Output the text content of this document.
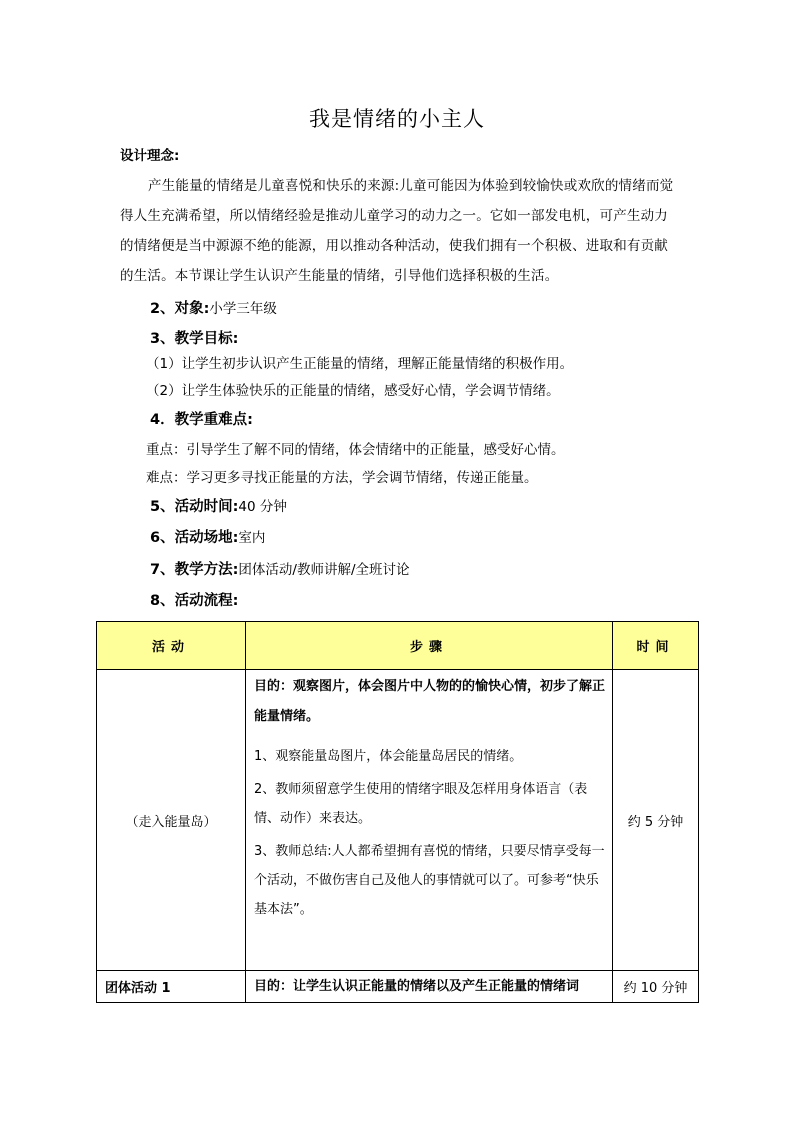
我是情绪的小主人
设计理念:
产生能量的情绪是儿童喜悦和快乐的来源:儿童可能因为体验到较愉快或欢欣的情绪而觉得人生充满希望，所以情绪经验是推动儿童学习的动力之一。它如一部发电机，可产生动力的情绪便是当中源源不绝的能源，用以推动各种活动，使我们拥有一个积极、进取和有贡献的生活。本节课让学生认识产生能量的情绪，引导他们选择积极的生活。
2、对象:小学三年级
3、教学目标:
（1）让学生初步认识产生正能量的情绪，理解正能量情绪的积极作用。
（2）让学生体验快乐的正能量的情绪，感受好心情，学会调节情绪。
4．教学重难点:
重点：引导学生了解不同的情绪，体会情绪中的正能量，感受好心情。
难点：学习更多寻找正能量的方法，学会调节情绪，传递正能量。
5、活动时间:40 分钟
6、活动场地:室内
7、教学方法:团体活动/教师讲解/全班讨论
8、活动流程:
活动	步骤	时间
（走入能量岛）	目的：观察图片，体会图片中人物的的愉快心情，初步了解正能量情绪。

1、观察能量岛图片，体会能量岛居民的情绪。

2、教师须留意学生使用的情绪字眼及怎样用身体语言（表情、动作）来表达。

3、教师总结:人人都希望拥有喜悦的情绪，只要尽情享受每一个活动，不做伤害自己及他人的事情就可以了。可参考“快乐基本法”。	约 5 分钟
团体活动 1	目的：让学生认识正能量的情绪以及产生正能量的情绪词	约 10 分钟
